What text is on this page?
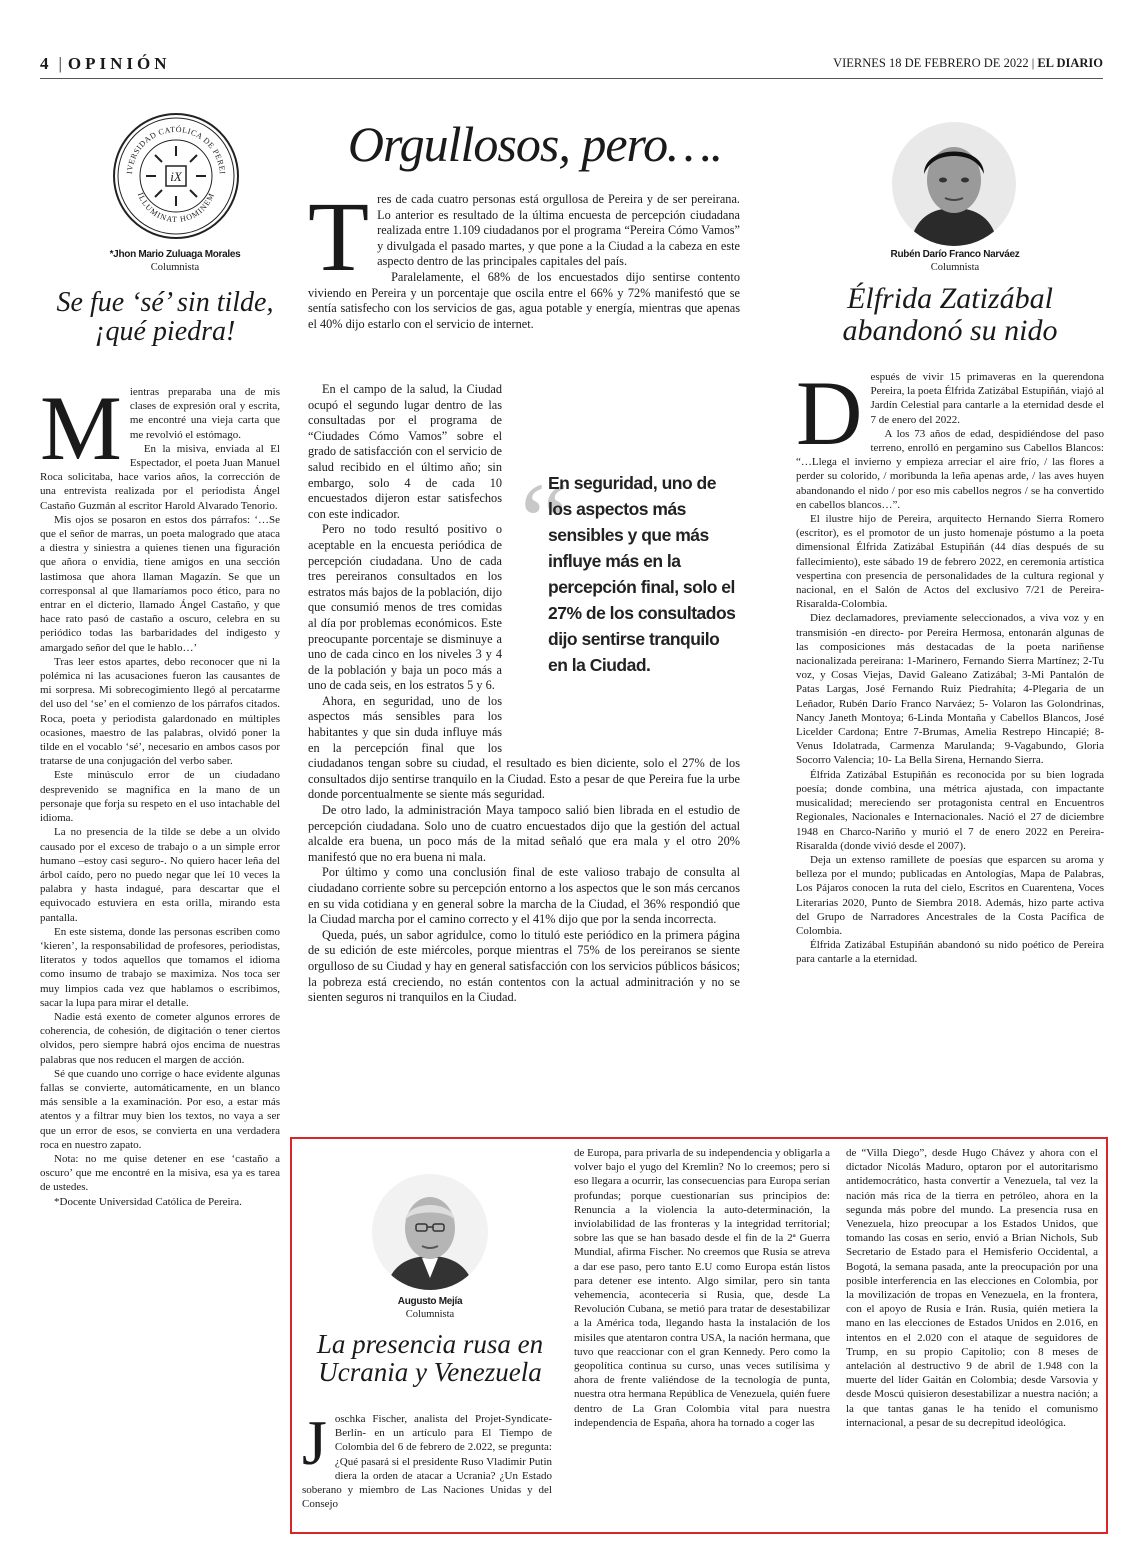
4 | OPINIÓN	VIERNES 18 DE FEBRERO DE 2022 | EL DIARIO
iX
IVERSIDAD CATÓLICA DE PEREI
ILLUMINAT HOMINEM
*Jhon Mario Zuluaga Morales
Columnista
Se fue ‘sé’ sin tilde,
¡qué piedra!

Mientras preparaba una de mis clases de expresión oral y escrita, me encontré una vieja carta que me revolvió el estómago.

En la misiva, enviada al El Espectador, el poeta Juan Manuel Roca solicitaba, hace varios años, la corrección de una entrevista realizada por el periodista Ángel Castaño Guzmán al escritor Harold Alvarado Tenorio.

Mis ojos se posaron en estos dos párrafos: ‘…Se que el señor de marras, un poeta malogrado que ataca a diestra y siniestra a quienes tienen una figuración que añora o envidia, tiene amigos en una sección lastimosa que ahora llaman Magazín. Se que un corresponsal al que llamaríamos poco ético, para no entrar en el dicterio, llamado Ángel Castaño, y que hace rato pasó de castaño a oscuro, celebra en su periódico todas las barbaridades del indigesto y amargado señor del que le hablo…’

Tras leer estos apartes, debo reconocer que ni la polémica ni las acusaciones fueron las causantes de mi sorpresa. Mi sobrecogimiento llegó al percatarme del uso del ‘se’ en el comienzo de los párrafos citados. Roca, poeta y periodista galardonado en múltiples ocasiones, maestro de las palabras, olvidó poner la tilde en el vocablo ‘sé’, necesario en ambos casos por tratarse de una conjugación del verbo saber.

Este minúsculo error de un ciudadano desprevenido se magnifica en la mano de un personaje que forja su respeto en el uso intachable del idioma.

La no presencia de la tilde se debe a un olvido causado por el exceso de trabajo o a un simple error humano –estoy casi seguro-. No quiero hacer leña del árbol caído, pero no puedo negar que leí 10 veces la palabra y hasta indagué, para descartar que el equivocado estuviera en esta orilla, mirando esta pantalla.

En este sistema, donde las personas escriben como ‘kieren’, la responsabilidad de profesores, periodistas, literatos y todos aquellos que tomamos el idioma como insumo de trabajo se maximiza. Nos toca ser muy limpios cada vez que hablamos o escribimos, sacar la lupa para mirar el detalle.

Nadie está exento de cometer algunos errores de coherencia, de cohesión, de digitación o tener ciertos olvidos, pero siempre habrá ojos encima de nuestras palabras que nos reducen el margen de acción.

Sé que cuando uno corrige o hace evidente algunas fallas se convierte, automáticamente, en un blanco más sensible a la examinación. Por eso, a estar más atentos y a filtrar muy bien los textos, no vaya a ser que un error de esos, se convierta en una verdadera roca en nuestro zapato.

Nota: no me quise detener en ese ‘castaño a oscuro’ que me encontré en la misiva, esa ya es tarea de ustedes.

*Docente Universidad Católica de Pereira.

Orgullosos, pero….

Tres de cada cuatro personas está orgullosa de Pereira y de ser pereirana. Lo anterior es resultado de la última encuesta de percepción ciudadana realizada entre 1.109 ciudadanos por el programa “Pereira Cómo Vamos” y divulgada el pasado martes, y que pone a la Ciudad a la cabeza en este aspecto dentro de las principales capitales del país.

Paralelamente, el 68% de los encuestados dijo sentirse contento viviendo en Pereira y un porcentaje que oscila entre el 66% y 72% manifestó que se sentía satisfecho con los servicios de gas, agua potable y energía, mientras que apenas el 40% dijo estarlo con el servicio de internet.

En el campo de la salud, la Ciudad ocupó el segundo lugar dentro de las consultadas por el programa de “Ciudades Cómo Vamos” sobre el grado de satisfacción con el servicio de salud recibido en el último año; sin embargo, solo 4 de cada 10 encuestados dijeron estar satisfechos con este indicador.

Pero no todo resultó positivo o aceptable en la encuesta periódica de percepción ciudadana. Uno de cada tres pereiranos consultados en los estratos más bajos de la población, dijo que consumió menos de tres comidas al día por problemas económicos. Este preocupante porcentaje se disminuye a uno de cada cinco en los niveles 3 y 4 de la población y baja un poco más a uno de cada seis, en los estratos 5 y 6.

Ahora, en seguridad, uno de los aspectos más sensibles para los habitantes y que sin duda influye más en la percepción final que los ciudadanos tengan sobre su ciudad, el resultado es bien diciente, solo el 27% de los consultados dijo sentirse tranquilo en la Ciudad. Esto a pesar de que Pereira fue la urbe donde porcentualmente se siente más seguridad.

De otro lado, la administración Maya tampoco salió bien librada en el estudio de percepción ciudadana. Solo uno de cuatro encuestados dijo que la gestión del actual alcalde era buena, un poco más de la mitad señaló que era mala y el otro 20% manifestó que no era buena ni mala.

Por último y como una conclusión final de este valioso trabajo de consulta al ciudadano corriente sobre su percepción entorno a los aspectos que le son más cercanos en su vida cotidiana y en general sobre la marcha de la Ciudad, el 36% respondió que la Ciudad marcha por el camino correcto y el 41% dijo que por la senda incorrecta.

Queda, pués, un sabor agridulce, como lo tituló este periódico en la primera página de su edición de este miércoles, porque mientras el 75% de los pereiranos se siente orgulloso de su Ciudad y hay en general satisfacción con los servicios públicos básicos; la pobreza está creciendo, no están contentos con la actual adminitración y no se sienten seguros ni tranquilos en la Ciudad.

“
En seguridad, uno de los aspectos más sensibles y que más influye más en la percepción final, solo el 27% de los consultados dijo sentirse tranquilo en la Ciudad.
Rubén Darío Franco Narváez
Columnista
Élfrida Zatizábal
abandonó su nido

Después de vivir 15 primaveras en la querendona Pereira, la poeta Élfrida Zatizábal Estupiñán, viajó al Jardín Celestial para cantarle a la eternidad desde el 7 de enero del 2022.

A los 73 años de edad, despidiéndose del paso terreno, enrolló en pergamino sus Cabellos Blancos: “…Llega el invierno y empieza arreciar el aire frío, / las flores a perder su colorido, / moribunda la leña apenas arde, / las aves huyen abandonando el nido / por eso mis cabellos negros / se ha convertido en cabellos blancos…”.

El ilustre hijo de Pereira, arquitecto Hernando Sierra Romero (escritor), es el promotor de un justo homenaje póstumo a la poeta dimensional Élfrida Zatizábal Estupiñán (44 días después de su fallecimiento), este sábado 19 de febrero 2022, en ceremonia artística vespertina con presencia de personalidades de la cultura regional y nacional, en el Salón de Actos del exclusivo 7/21 de Pereira-Risaralda-Colombia.

Diez declamadores, previamente seleccionados, a viva voz y en transmisión -en directo- por Pereira Hermosa, entonarán algunas de las composiciones más destacadas de la poeta nariñense nacionalizada pereirana: 1-Marinero, Fernando Sierra Martínez; 2-Tu voz, y Cosas Viejas, David Galeano Zatizábal; 3-Mi Pantalón de Patas Largas, José Fernando Ruiz Piedrahíta; 4-Plegaria de un Leñador, Rubén Darío Franco Narváez; 5- Volaron las Golondrinas, Nancy Janeth Montoya; 6-Linda Montaña y Cabellos Blancos, José Licelder Cardona; Entre 7-Brumas, Amelia Restrepo Hincapié; 8-Venus Idolatrada, Carmenza Marulanda; 9-Vagabundo, Gloria Socorro Valencia; 10- La Bella Sirena, Hernando Sierra.

Élfrida Zatizábal Estupiñán es reconocida por su bien lograda poesía; donde combina, una métrica ajustada, con impactante musicalidad; mereciendo ser protagonista central en Encuentros Regionales, Nacionales e Internacionales. Nació el 27 de diciembre 1948 en Charco-Nariño y murió el 7 de enero 2022 en Pereira-Risaralda (donde vivió desde el 2007).

Deja un extenso ramillete de poesías que esparcen su aroma y belleza por el mundo; publicadas en Antologías, Mapa de Palabras, Los Pájaros conocen la ruta del cielo, Escritos en Cuarentena, Voces Literarias 2020, Punto de Siembra 2018. Además, hizo parte activa del Grupo de Narradores Ancestrales de la Costa Pacífica de Colombia.

Élfrida Zatizábal Estupiñán abandonó su nido poético de Pereira para cantarle a la eternidad.

Augusto Mejía
Columnista
La presencia rusa en
Ucrania y Venezuela

Joschka Fischer, analista del Projet-Syndicate- Berlín- en un artículo para El Tiempo de Colombia del 6 de febrero de 2.022, se pregunta: ¿Qué pasará si el presidente Ruso Vladimir Putin diera la orden de atacar a Ucrania? ¿Un Estado soberano y miembro de Las Naciones Unidas y del Consejo

de Europa, para privarla de su independencia y obligarla a volver bajo el yugo del Kremlin? No lo creemos; pero si eso llegara a ocurrir, las consecuencias para Europa serían profundas; porque cuestionarían sus principios de: Renuncia a la violencia la auto-determinación, la inviolabilidad de las fronteras y la integridad territorial; sobre las que se han basado desde el fin de la 2ª Guerra Mundial, afirma Fischer. No creemos que Rusia se atreva a dar ese paso, pero tanto E.U como Europa están listos para detener ese intento. Algo similar, pero sin tanta vehemencia, aconteceria si Rusia, que, desde La Revolución Cubana, se metió para tratar de desestabilizar a la América toda, llegando hasta la instalación de los misiles que atentaron contra USA, la nación hermana, que tuvo que reaccionar con el gran Kennedy. Pero como la geopolítica continua su curso, unas veces sutilísima y ahora de frente valiéndose de la tecnología de punta, nuestra otra hermana República de Venezuela, quién fuere dentro de La Gran Colombia vital para nuestra independencia de España, ahora ha tornado a coger las

de “Villa Diego”, desde Hugo Chávez y ahora con el dictador Nicolás Maduro, optaron por el autoritarismo antidemocrático, hasta convertir a Venezuela, tal vez la nación más rica de la tierra en petróleo, ahora en la segunda más pobre del mundo. La presencia rusa en Venezuela, hizo preocupar a los Estados Unidos, que tomando las cosas en serio, envió a Brian Nichols, Sub Secretario de Estado para el Hemisferio Occidental, a Bogotá, la semana pasada, ante la preocupación por una posible interferencia en las elecciones en Colombia, por la movilización de tropas en Venezuela, en la frontera, con el apoyo de Rusia e Irán. Rusia, quién metiera la mano en las elecciones de Estados Unidos en 2.016, en intentos en el 2.020 con el ataque de seguidores de Trump, en su propio Capitolio; con 8 meses de antelación al destructivo 9 de abril de 1.948 con la muerte del líder Gaitán en Colombia; desde Varsovia y desde Moscú quisieron desestabilizar a nuestra nación; a la que tantas ganas le ha tenido el comunismo internacional, a pesar de su decrepitud ideológica.
